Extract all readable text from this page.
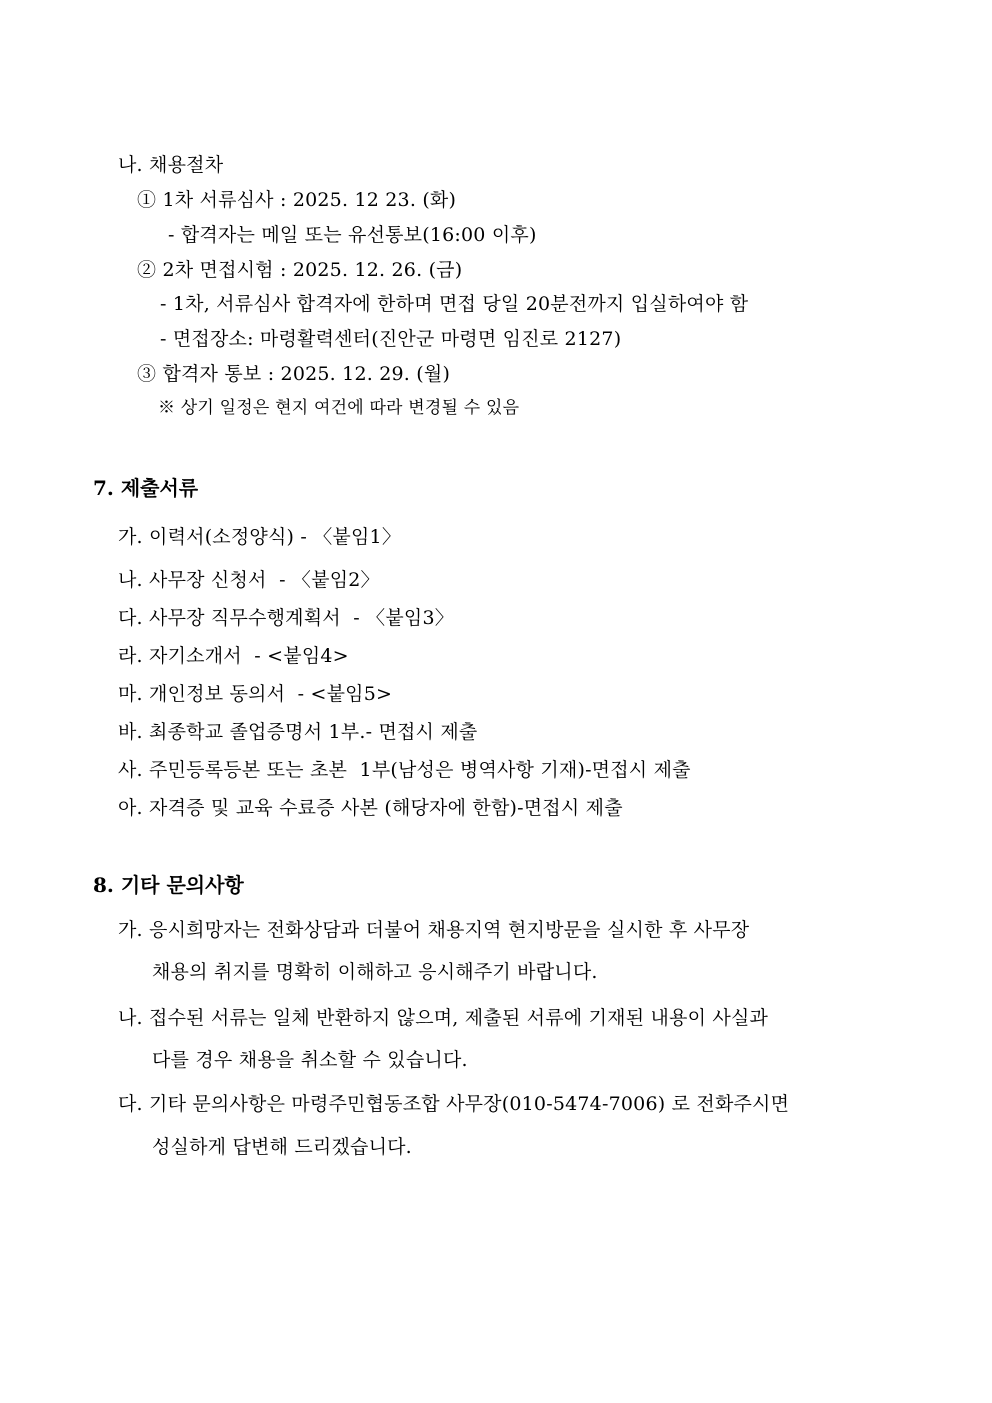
나. 채용절차
① 1차 서류심사 : 2025. 12 23. (화)
- 합격자는 메일 또는 유선통보(16:00 이후)
② 2차 면접시험 : 2025. 12. 26. (금)
- 1차, 서류심사 합격자에 한하며 면접 당일 20분전까지 입실하여야 함
- 면접장소: 마령활력센터(진안군 마령면 임진로 2127)
③ 합격자 통보 : 2025. 12. 29. (월)
※ 상기 일정은 현지 여건에 따라 변경될 수 있음
7. 제출서류
가. 이력서(소정양식) - 〈붙임1〉
나. 사무장 신청서  - 〈붙임2〉
다. 사무장 직무수행계획서  - 〈붙임3〉
라. 자기소개서  - <붙임4>
마. 개인정보 동의서  - <붙임5>
바. 최종학교 졸업증명서 1부.- 면접시 제출
사. 주민등록등본 또는 초본  1부(남성은 병역사항 기재)-면접시 제출
아. 자격증 및 교육 수료증 사본 (해당자에 한함)-면접시 제출
8. 기타 문의사항
가. 응시희망자는 전화상담과 더불어 채용지역 현지방문을 실시한 후 사무장
채용의 취지를 명확히 이해하고 응시해주기 바랍니다.
나. 접수된 서류는 일체 반환하지 않으며, 제출된 서류에 기재된 내용이 사실과
다를 경우 채용을 취소할 수 있습니다.
다. 기타 문의사항은 마령주민협동조합 사무장(010-5474-7006) 로 전화주시면
성실하게 답변해 드리겠습니다.
